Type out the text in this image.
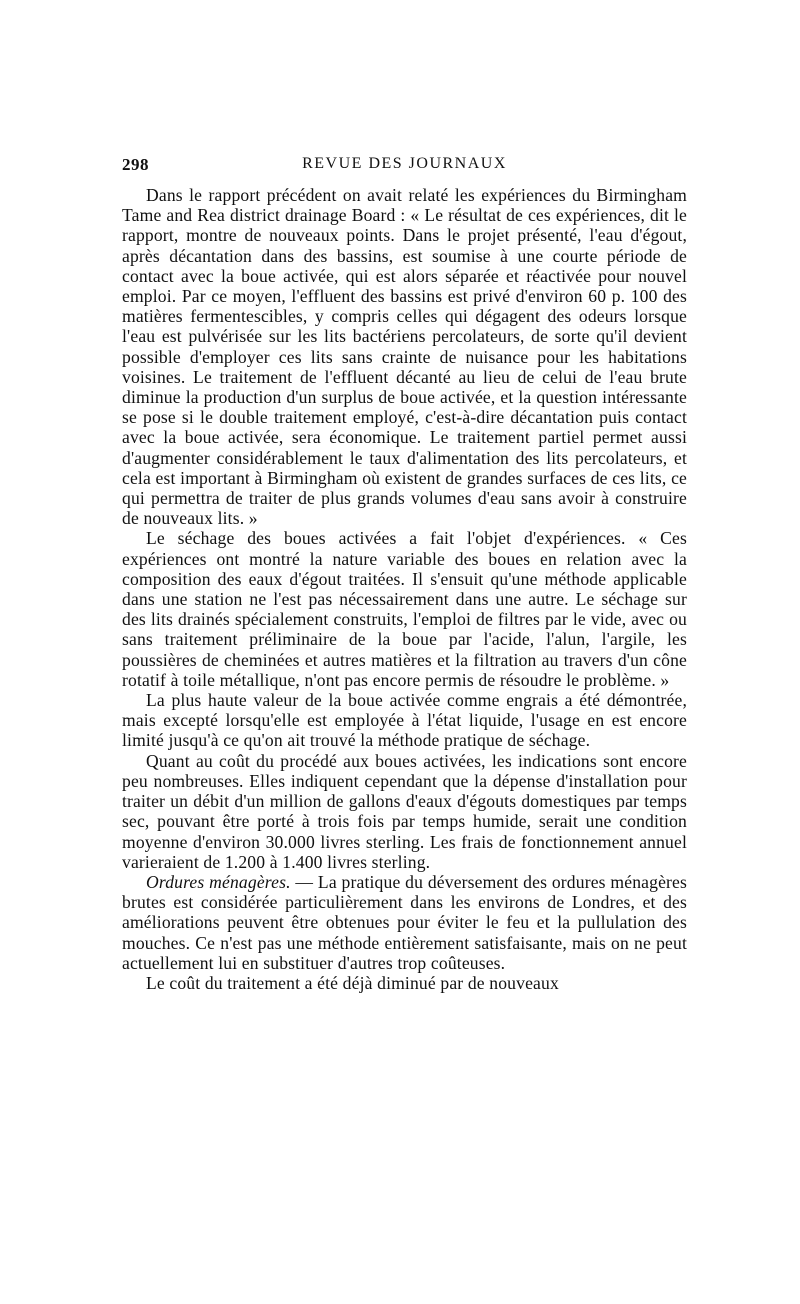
298	REVUE DES JOURNAUX

Dans le rapport précédent on avait relaté les expériences du Birmingham Tame and Rea district drainage Board : « Le résultat de ces expériences, dit le rapport, montre de nouveaux points. Dans le projet présenté, l'eau d'égout, après décantation dans des bassins, est soumise à une courte période de contact avec la boue activée, qui est alors séparée et réactivée pour nouvel emploi. Par ce moyen, l'effluent des bassins est privé d'environ 60 p. 100 des matières fermentescibles, y compris celles qui dégagent des odeurs lorsque l'eau est pulvérisée sur les lits bactériens percolateurs, de sorte qu'il devient possible d'employer ces lits sans crainte de nuisance pour les habitations voisines. Le traitement de l'effluent décanté au lieu de celui de l'eau brute diminue la production d'un surplus de boue activée, et la question intéressante se pose si le double traitement employé, c'est-à-dire décantation puis contact avec la boue activée, sera économique. Le traitement partiel permet aussi d'augmenter considérablement le taux d'alimentation des lits percolateurs, et cela est important à Birmingham où existent de grandes surfaces de ces lits, ce qui permettra de traiter de plus grands volumes d'eau sans avoir à construire de nouveaux lits. »

Le séchage des boues activées a fait l'objet d'expériences. « Ces expériences ont montré la nature variable des boues en relation avec la composition des eaux d'égout traitées. Il s'ensuit qu'une méthode applicable dans une station ne l'est pas nécessairement dans une autre. Le séchage sur des lits drainés spécialement construits, l'emploi de filtres par le vide, avec ou sans traitement préliminaire de la boue par l'acide, l'alun, l'argile, les poussières de cheminées et autres matières et la filtration au travers d'un cône rotatif à toile métallique, n'ont pas encore permis de résoudre le problème. »

La plus haute valeur de la boue activée comme engrais a été démontrée, mais excepté lorsqu'elle est employée à l'état liquide, l'usage en est encore limité jusqu'à ce qu'on ait trouvé la méthode pratique de séchage.

Quant au coût du procédé aux boues activées, les indications sont encore peu nombreuses. Elles indiquent cependant que la dépense d'installation pour traiter un débit d'un million de gallons d'eaux d'égouts domestiques par temps sec, pouvant être porté à trois fois par temps humide, serait une condition moyenne d'environ 30.000 livres sterling. Les frais de fonctionnement annuel varieraient de 1.200 à 1.400 livres sterling.

Ordures ménagères. — La pratique du déversement des ordures ménagères brutes est considérée particulièrement dans les environs de Londres, et des améliorations peuvent être obtenues pour éviter le feu et la pullulation des mouches. Ce n'est pas une méthode entièrement satisfaisante, mais on ne peut actuellement lui en substituer d'autres trop coûteuses.

Le coût du traitement a été déjà diminué par de nouveaux
